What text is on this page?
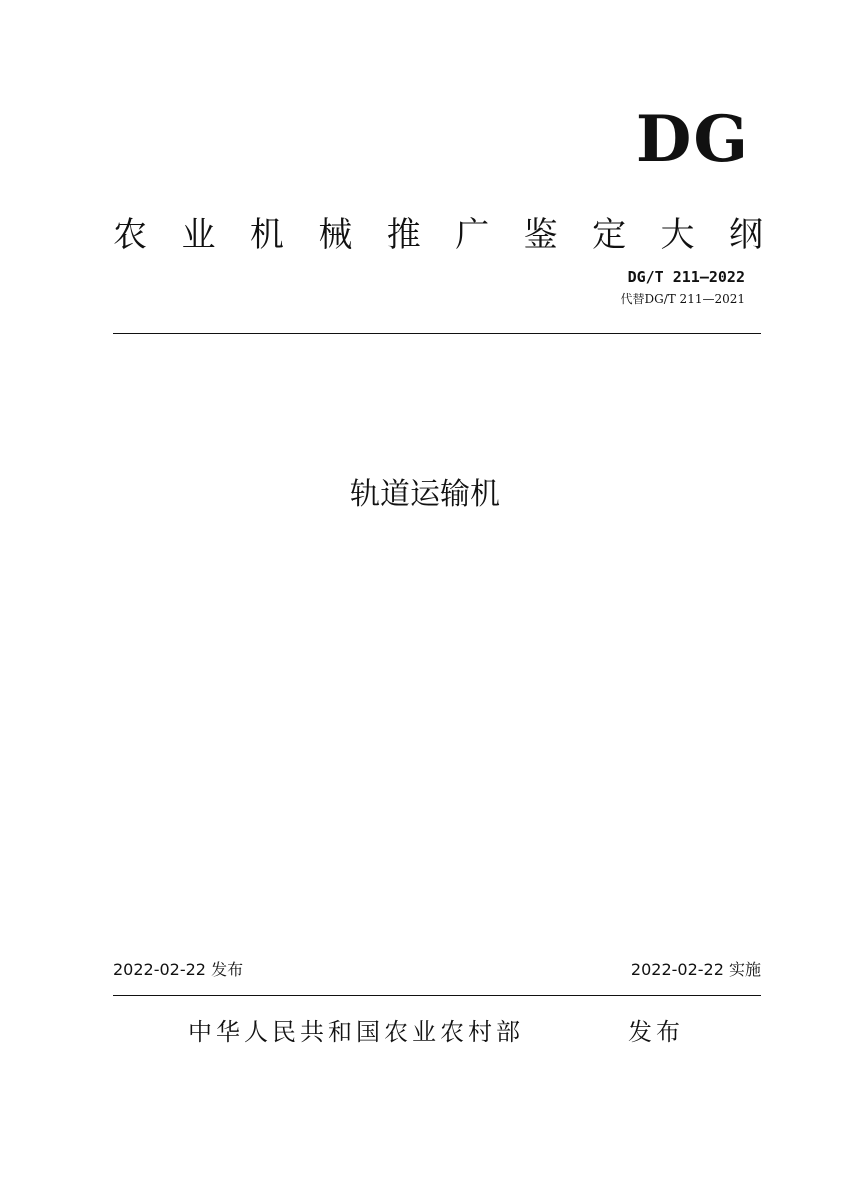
DG
农 业 机 械 推 广 鉴 定 大 纲
DG/T 211—2022
代替DG/T 211—2021
轨道运输机
2022-02-22 发布	2022-02-22 实施
中华人民共和国农业农村部	发布
